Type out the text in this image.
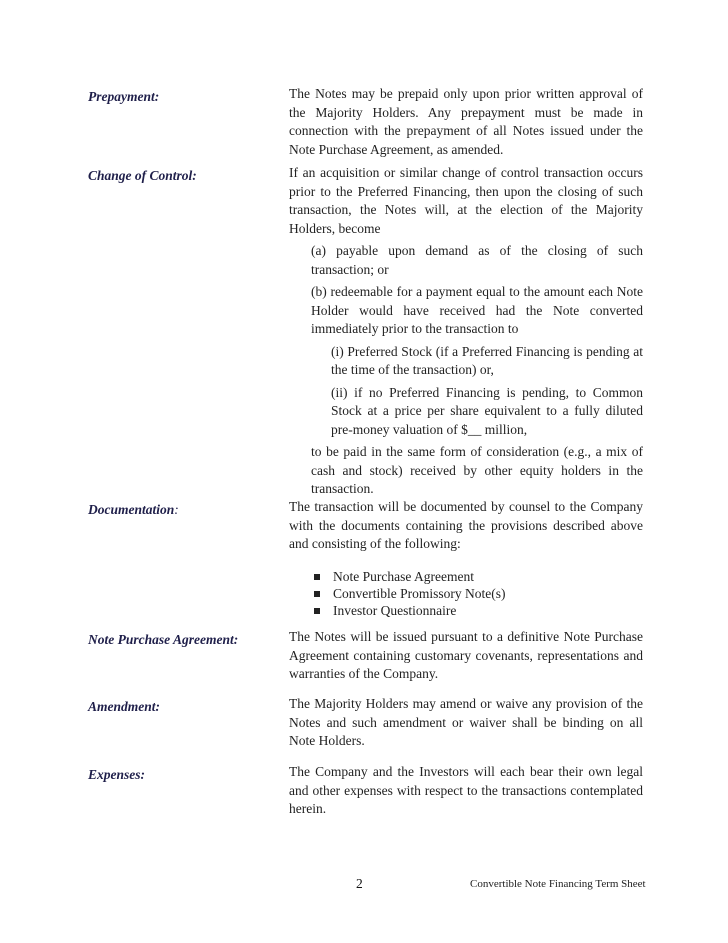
Prepayment:	The Notes may be prepaid only upon prior written approval of the Majority Holders. Any prepayment must be made in connection with the prepayment of all Notes issued under the Note Purchase Agreement, as amended.
Change of Control:	If an acquisition or similar change of control transaction occurs prior to the Preferred Financing, then upon the closing of such transaction, the Notes will, at the election of the Majority Holders, become

(a) payable upon demand as of the closing of such transaction; or

(b) redeemable for a payment equal to the amount each Note Holder would have received had the Note converted immediately prior to the transaction to

(i) Preferred Stock (if a Preferred Financing is pending at the time of the transaction) or,

(ii) if no Preferred Financing is pending, to Common Stock at a price per share equivalent to a fully diluted pre-money valuation of $__ million,

to be paid in the same form of consideration (e.g., a mix of cash and stock) received by other equity holders in the transaction.

Documentation:	The transaction will be documented by counsel to the Company with the documents containing the provisions described above and consisting of the following:

Note Purchase Agreement
Convertible Promissory Note(s)
Investor Questionnaire
Note Purchase Agreement:	The Notes will be issued pursuant to a definitive Note Purchase Agreement containing customary covenants, representations and warranties of the Company.
Amendment:	The Majority Holders may amend or waive any provision of the Notes and such amendment or waiver shall be binding on all Note Holders.
Expenses:	The Company and the Investors will each bear their own legal and other expenses with respect to the transactions contemplated herein.
2	Convertible Note Financing Term Sheet
